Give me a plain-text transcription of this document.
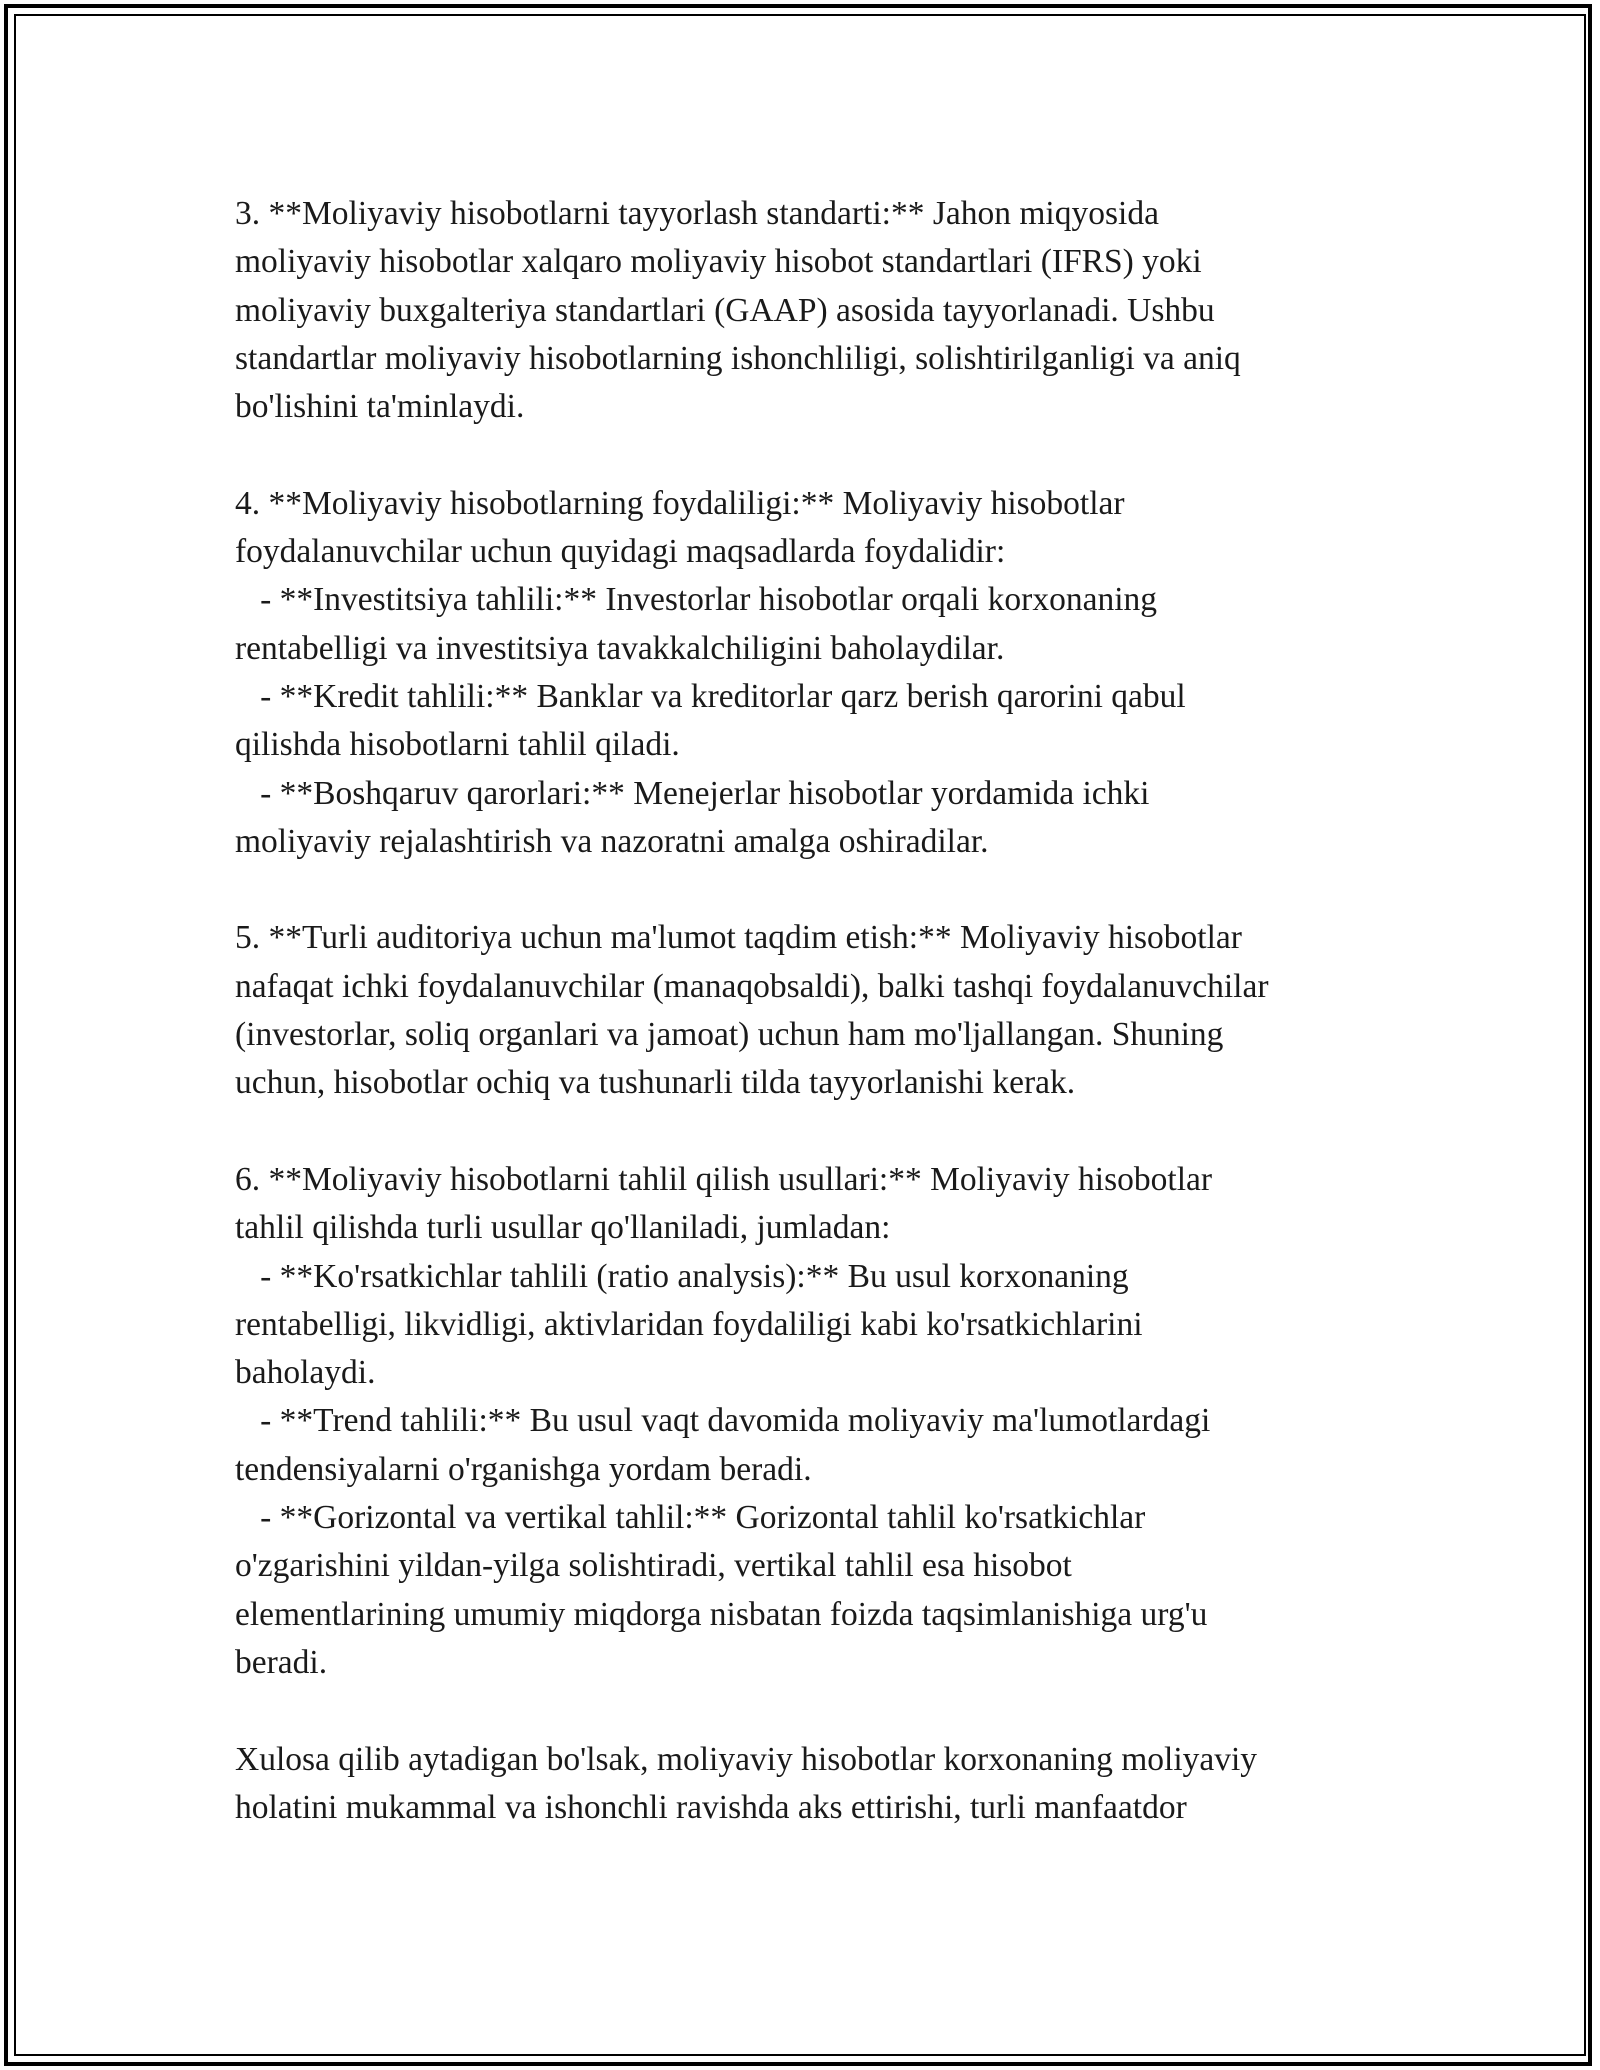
3. **Moliyaviy hisobotlarni tayyorlash standarti:** Jahon miqyosida
moliyaviy hisobotlar xalqaro moliyaviy hisobot standartlari (IFRS) yoki
moliyaviy buxgalteriya standartlari (GAAP) asosida tayyorlanadi. Ushbu
standartlar moliyaviy hisobotlarning ishonchliligi, solishtirilganligi va aniq
bo'lishini ta'minlaydi.

4. **Moliyaviy hisobotlarning foydaliligi:** Moliyaviy hisobotlar
foydalanuvchilar uchun quyidagi maqsadlarda foydalidir:
- **Investitsiya tahlili:** Investorlar hisobotlar orqali korxonaning
rentabelligi va investitsiya tavakkalchiligini baholaydilar.
- **Kredit tahlili:** Banklar va kreditorlar qarz berish qarorini qabul
qilishda hisobotlarni tahlil qiladi.
- **Boshqaruv qarorlari:** Menejerlar hisobotlar yordamida ichki
moliyaviy rejalashtirish va nazoratni amalga oshiradilar.

5. **Turli auditoriya uchun ma'lumot taqdim etish:** Moliyaviy hisobotlar
nafaqat ichki foydalanuvchilar (manaqobsaldi), balki tashqi foydalanuvchilar
(investorlar, soliq organlari va jamoat) uchun ham mo'ljallangan. Shuning
uchun, hisobotlar ochiq va tushunarli tilda tayyorlanishi kerak.

6. **Moliyaviy hisobotlarni tahlil qilish usullari:** Moliyaviy hisobotlar
tahlil qilishda turli usullar qo'llaniladi, jumladan:
- **Ko'rsatkichlar tahlili (ratio analysis):** Bu usul korxonaning
rentabelligi, likvidligi, aktivlaridan foydaliligi kabi ko'rsatkichlarini
baholaydi.
- **Trend tahlili:** Bu usul vaqt davomida moliyaviy ma'lumotlardagi
tendensiyalarni o'rganishga yordam beradi.
- **Gorizontal va vertikal tahlil:** Gorizontal tahlil ko'rsatkichlar
o'zgarishini yildan-yilga solishtiradi, vertikal tahlil esa hisobot
elementlarining umumiy miqdorga nisbatan foizda taqsimlanishiga urg'u
beradi.

Xulosa qilib aytadigan bo'lsak, moliyaviy hisobotlar korxonaning moliyaviy
holatini mukammal va ishonchli ravishda aks ettirishi, turli manfaatdor
